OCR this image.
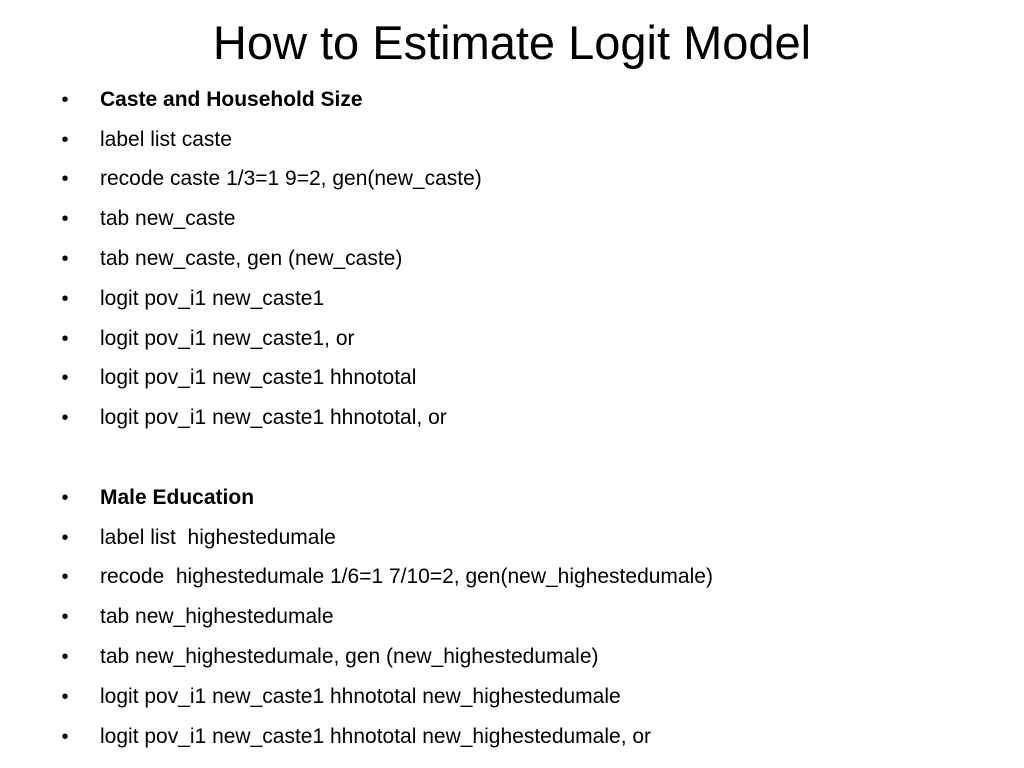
How to Estimate Logit Model
• Caste and Household Size
• label list caste
• recode caste 1/3=1 9=2, gen(new_caste)
• tab new_caste
• tab new_caste, gen (new_caste)
• logit pov_i1 new_caste1
• logit pov_i1 new_caste1, or
• logit pov_i1 new_caste1 hhnototal
• logit pov_i1 new_caste1 hhnototal, or
• Male Education
• label list  highestedumale
• recode  highestedumale 1/6=1 7/10=2, gen(new_highestedumale)
• tab new_highestedumale
• tab new_highestedumale, gen (new_highestedumale)
• logit pov_i1 new_caste1 hhnototal new_highestedumale
• logit pov_i1 new_caste1 hhnototal new_highestedumale, or
